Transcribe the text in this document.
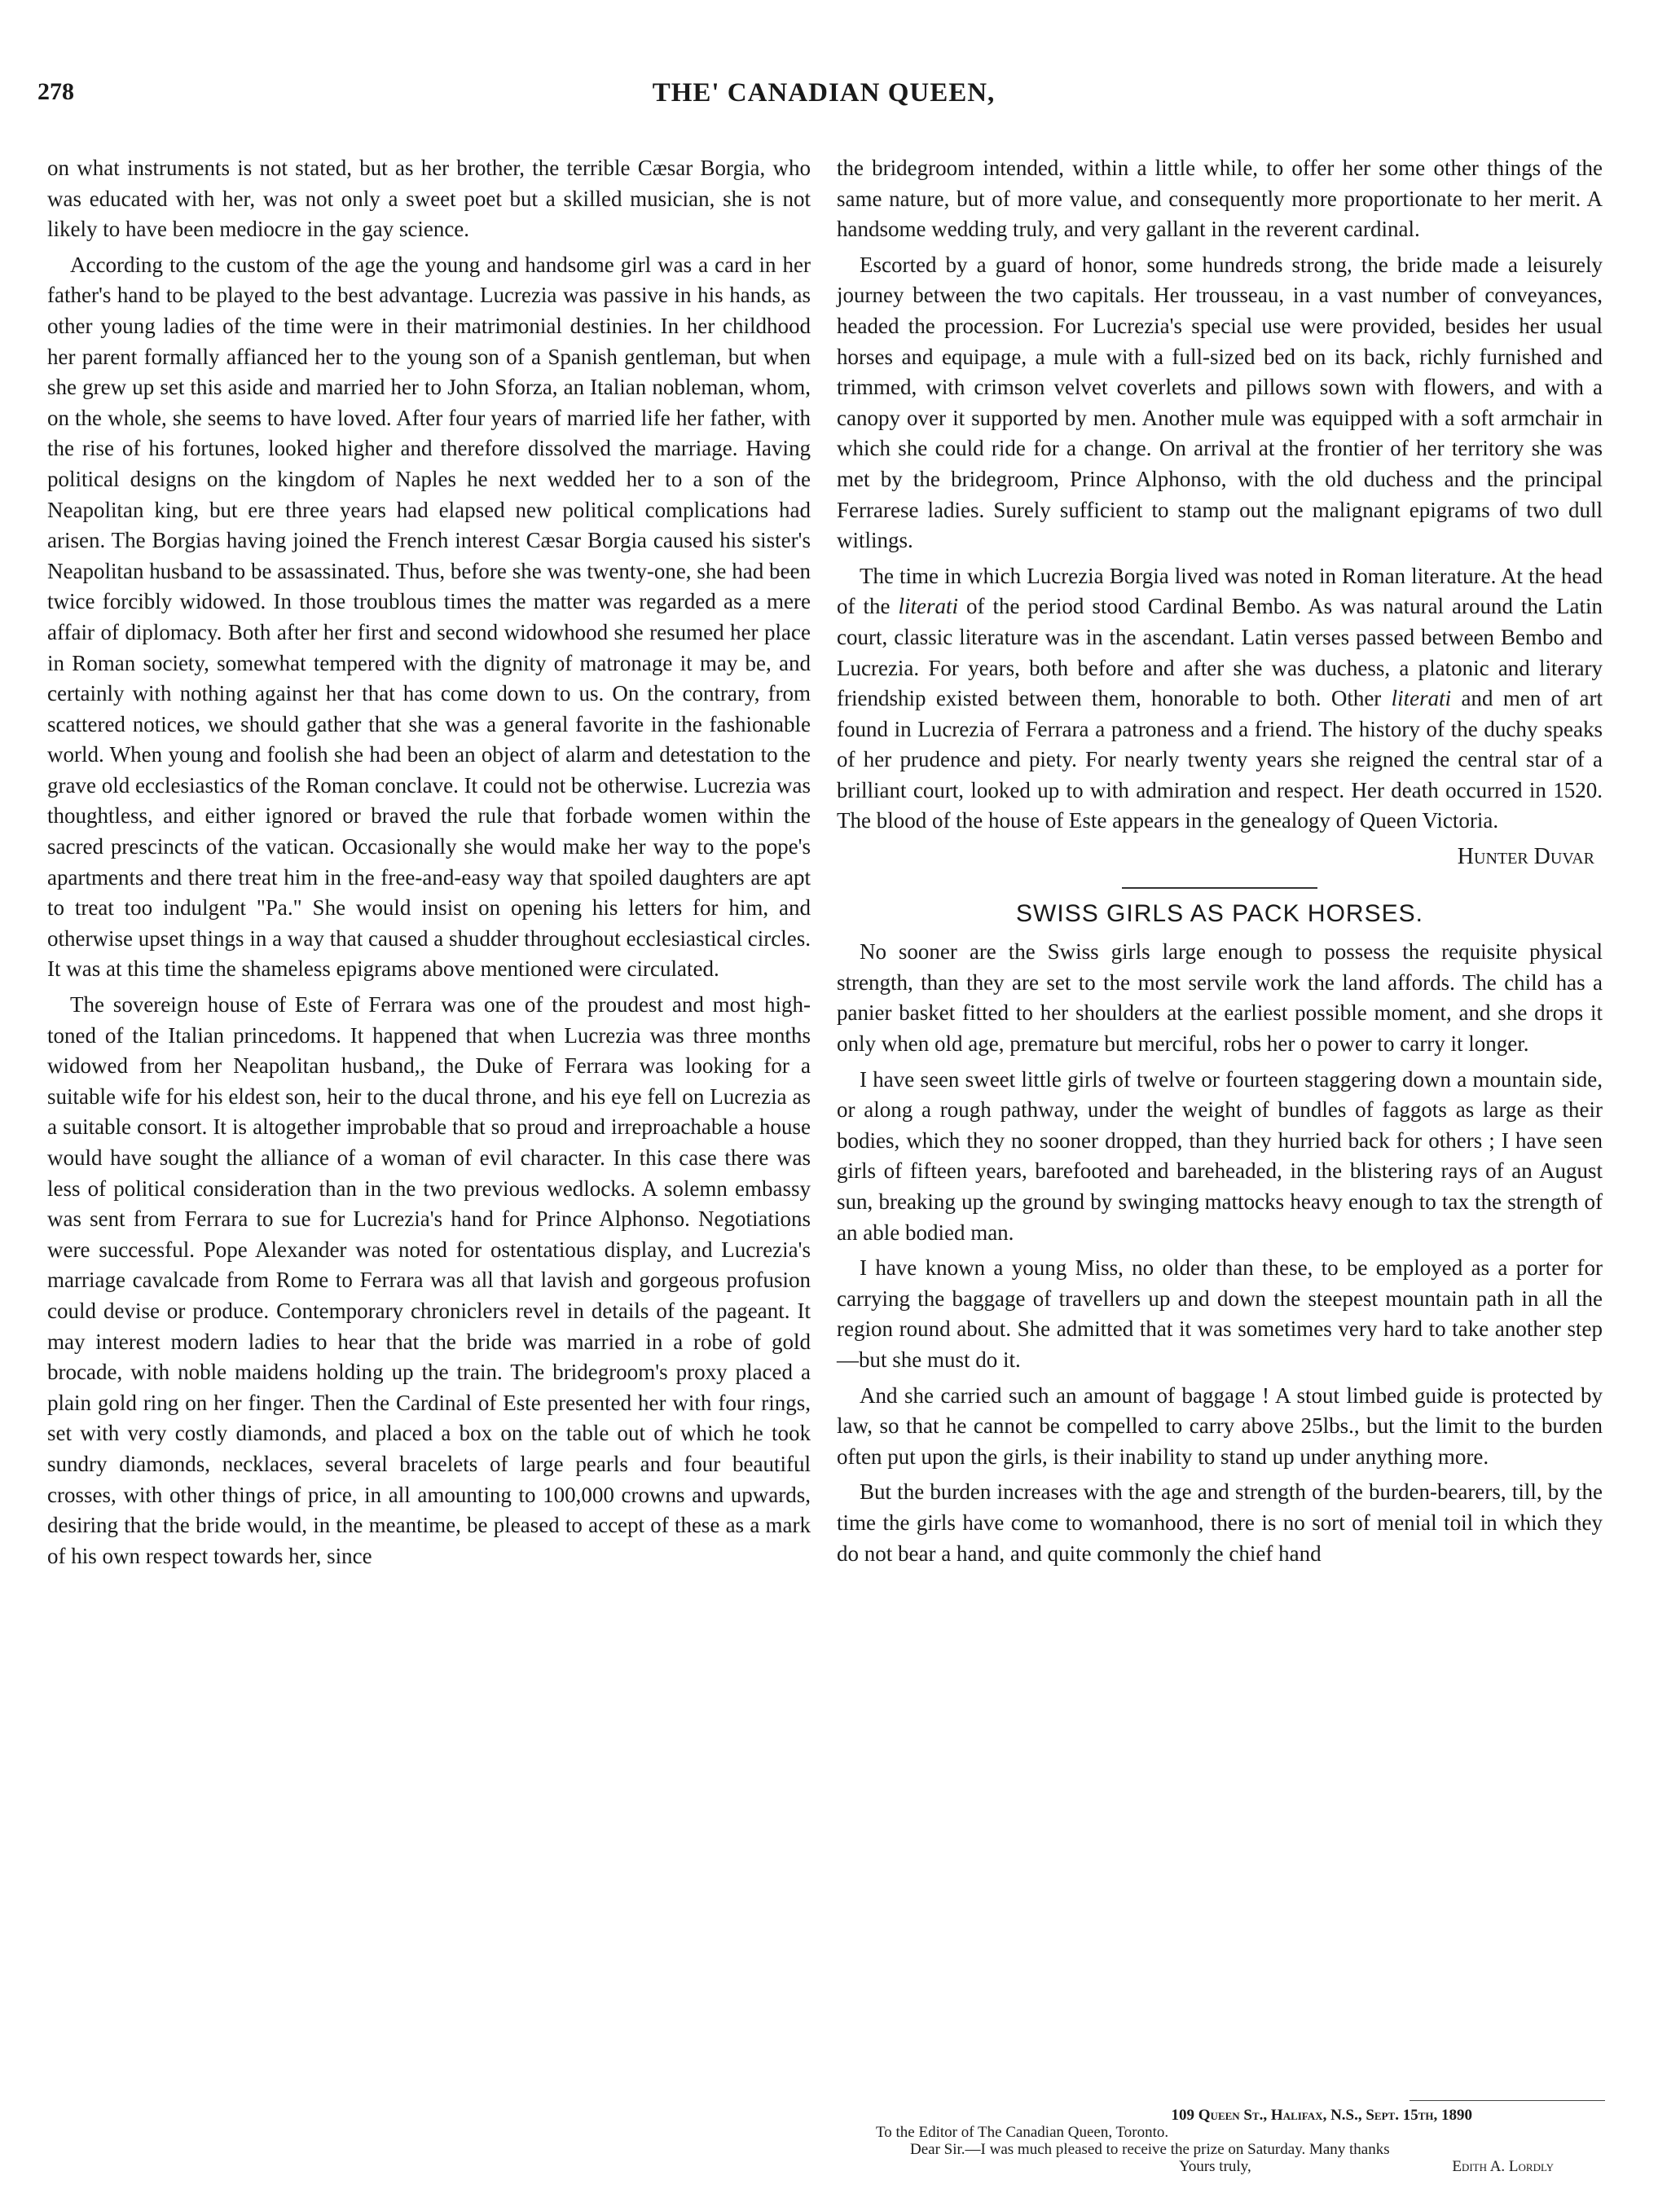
278	THE' CANADIAN QUEEN,

on what instruments is not stated, but as her brother, the terrible Cæsar Borgia, who was educated with her, was not only a sweet poet but a skilled musician, she is not likely to have been mediocre in the gay science.

According to the custom of the age the young and handsome girl was a card in her father's hand to be played to the best advantage. Lucrezia was passive in his hands, as other young ladies of the time were in their matrimonial destinies. In her childhood her parent formally affianced her to the young son of a Spanish gentleman, but when she grew up set this aside and married her to John Sforza, an Italian nobleman, whom, on the whole, she seems to have loved. After four years of married life her father, with the rise of his fortunes, looked higher and therefore dissolved the marriage. Having political designs on the kingdom of Naples he next wedded her to a son of the Neapolitan king, but ere three years had elapsed new political complications had arisen. The Borgias having joined the French interest Cæsar Borgia caused his sister's Neapolitan husband to be assassinated. Thus, before she was twenty-one, she had been twice forcibly widowed. In those troublous times the matter was regarded as a mere affair of diplomacy. Both after her first and second widowhood she resumed her place in Roman society, somewhat tempered with the dignity of matronage it may be, and certainly with nothing against her that has come down to us. On the contrary, from scattered notices, we should gather that she was a general favorite in the fashionable world. When young and foolish she had been an object of alarm and detestation to the grave old ecclesiastics of the Roman conclave. It could not be otherwise. Lucrezia was thoughtless, and either ignored or braved the rule that forbade women within the sacred prescincts of the vatican. Occasionally she would make her way to the pope's apartments and there treat him in the free-and-easy way that spoiled daughters are apt to treat too indulgent "Pa." She would insist on opening his letters for him, and otherwise upset things in a way that caused a shudder throughout ecclesiastical circles. It was at this time the shameless epigrams above mentioned were circulated.

The sovereign house of Este of Ferrara was one of the proudest and most high-toned of the Italian princedoms. It happened that when Lucrezia was three months widowed from her Neapolitan husband,, the Duke of Ferrara was looking for a suitable wife for his eldest son, heir to the ducal throne, and his eye fell on Lucrezia as a suitable consort. It is altogether improbable that so proud and irreproachable a house would have sought the alliance of a woman of evil character. In this case there was less of political consideration than in the two previous wedlocks. A solemn embassy was sent from Ferrara to sue for Lucrezia's hand for Prince Alphonso. Negotiations were successful. Pope Alexander was noted for ostentatious display, and Lucrezia's marriage cavalcade from Rome to Ferrara was all that lavish and gorgeous profusion could devise or produce. Contemporary chroniclers revel in details of the pageant. It may interest modern ladies to hear that the bride was married in a robe of gold brocade, with noble maidens holding up the train. The bridegroom's proxy placed a plain gold ring on her finger. Then the Cardinal of Este presented her with four rings, set with very costly diamonds, and placed a box on the table out of which he took sundry diamonds, necklaces, several bracelets of large pearls and four beautiful crosses, with other things of price, in all amounting to 100,000 crowns and upwards, desiring that the bride would, in the meantime, be pleased to accept of these as a mark of his own respect towards her, since

the bridegroom intended, within a little while, to offer her some other things of the same nature, but of more value, and consequently more proportionate to her merit. A handsome wedding truly, and very gallant in the reverent cardinal.

Escorted by a guard of honor, some hundreds strong, the bride made a leisurely journey between the two capitals. Her trousseau, in a vast number of conveyances, headed the procession. For Lucrezia's special use were provided, besides her usual horses and equipage, a mule with a full-sized bed on its back, richly furnished and trimmed, with crimson velvet coverlets and pillows sown with flowers, and with a canopy over it supported by men. Another mule was equipped with a soft armchair in which she could ride for a change. On arrival at the frontier of her territory she was met by the bridegroom, Prince Alphonso, with the old duchess and the principal Ferrarese ladies. Surely sufficient to stamp out the malignant epigrams of two dull witlings.

The time in which Lucrezia Borgia lived was noted in Roman literature. At the head of the literati of the period stood Cardinal Bembo. As was natural around the Latin court, classic literature was in the ascendant. Latin verses passed between Bembo and Lucrezia. For years, both before and after she was duchess, a platonic and literary friendship existed between them, honorable to both. Other literati and men of art found in Lucrezia of Ferrara a patroness and a friend. The history of the duchy speaks of her prudence and piety. For nearly twenty years she reigned the central star of a brilliant court, looked up to with admiration and respect. Her death occurred in 1520. The blood of the house of Este appears in the genealogy of Queen Victoria.

Hunter Duvar
SWISS GIRLS AS PACK HORSES.

No sooner are the Swiss girls large enough to possess the requisite physical strength, than they are set to the most servile work the land affords. The child has a panier basket fitted to her shoulders at the earliest possible moment, and she drops it only when old age, premature but merciful, robs her o power to carry it longer.

I have seen sweet little girls of twelve or fourteen staggering down a mountain side, or along a rough pathway, under the weight of bundles of faggots as large as their bodies, which they no sooner dropped, than they hurried back for others ; I have seen girls of fifteen years, barefooted and bareheaded, in the blistering rays of an August sun, breaking up the ground by swinging mattocks heavy enough to tax the strength of an able bodied man.

I have known a young Miss, no older than these, to be employed as a porter for carrying the baggage of travellers up and down the steepest mountain path in all the region round about. She admitted that it was sometimes very hard to take another step—but she must do it.

And she carried such an amount of baggage ! A stout limbed guide is protected by law, so that he cannot be compelled to carry above 25lbs., but the limit to the burden often put upon the girls, is their inability to stand up under anything more.

But the burden increases with the age and strength of the burden-bearers, till, by the time the girls have come to womanhood, there is no sort of menial toil in which they do not bear a hand, and quite commonly the chief hand

109 Queen St., Halifax, N.S., Sept. 15th, 1890
To the Editor of The Canadian Queen, Toronto.
Dear Sir.—I was much pleased to receive the prize on Saturday. Many thanks
Yours truly,	Edith A. Lordly
